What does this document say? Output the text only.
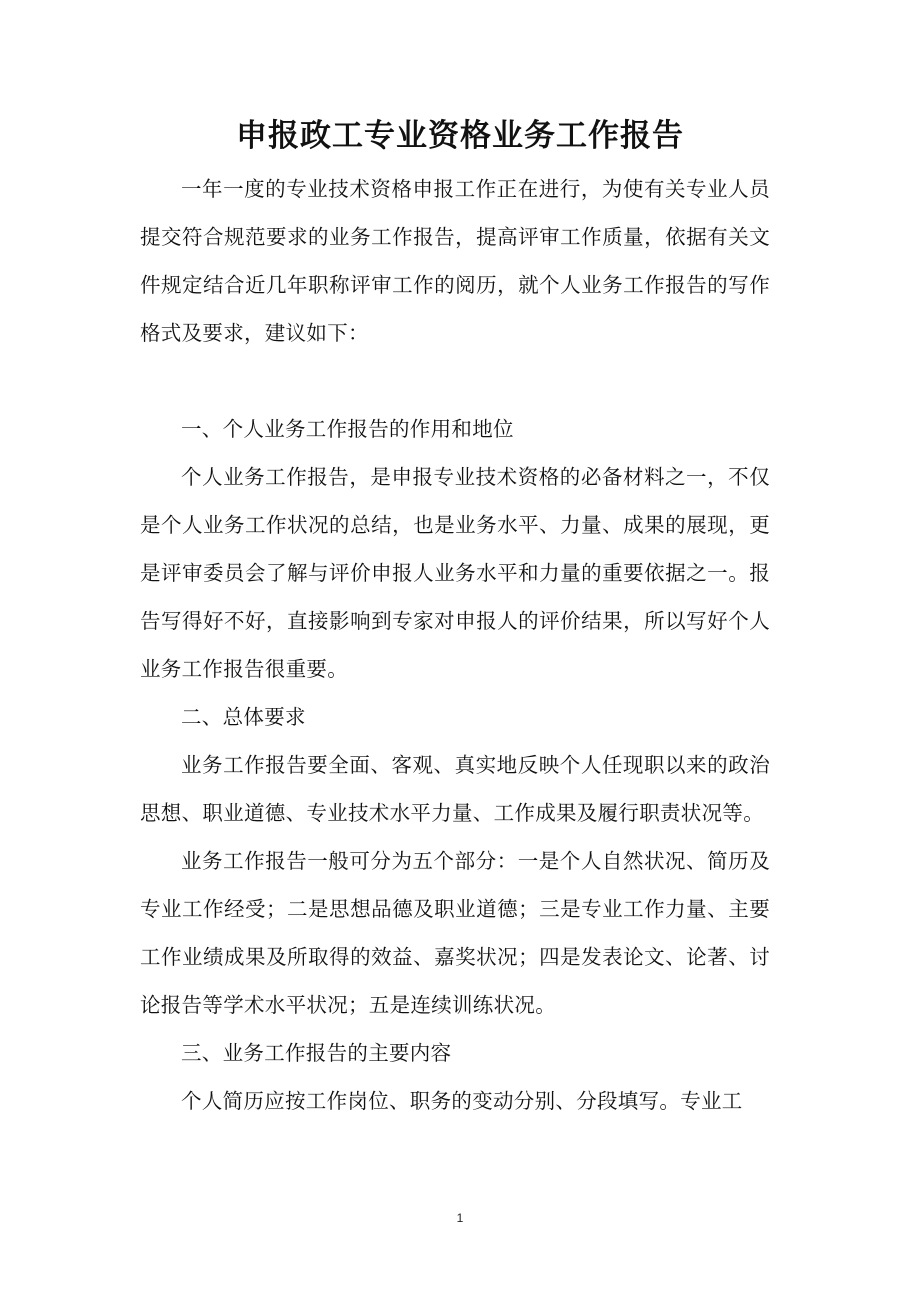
申报政工专业资格业务工作报告

一年一度的专业技术资格申报工作正在进行，为使有关专业人员提交符合规范要求的业务工作报告，提高评审工作质量，依据有关文件规定结合近几年职称评审工作的阅历，就个人业务工作报告的写作格式及要求，建议如下：

一、个人业务工作报告的作用和地位

个人业务工作报告，是申报专业技术资格的必备材料之一，不仅是个人业务工作状况的总结，也是业务水平、力量、成果的展现，更是评审委员会了解与评价申报人业务水平和力量的重要依据之一。报告写得好不好，直接影响到专家对申报人的评价结果，所以写好个人业务工作报告很重要。

二、总体要求

业务工作报告要全面、客观、真实地反映个人任现职以来的政治思想、职业道德、专业技术水平力量、工作成果及履行职责状况等。

业务工作报告一般可分为五个部分：一是个人自然状况、简历及专业工作经受；二是思想品德及职业道德；三是专业工作力量、主要工作业绩成果及所取得的效益、嘉奖状况；四是发表论文、论著、讨论报告等学术水平状况；五是连续训练状况。

三、业务工作报告的主要内容

个人简历应按工作岗位、职务的变动分别、分段填写。专业工

1
